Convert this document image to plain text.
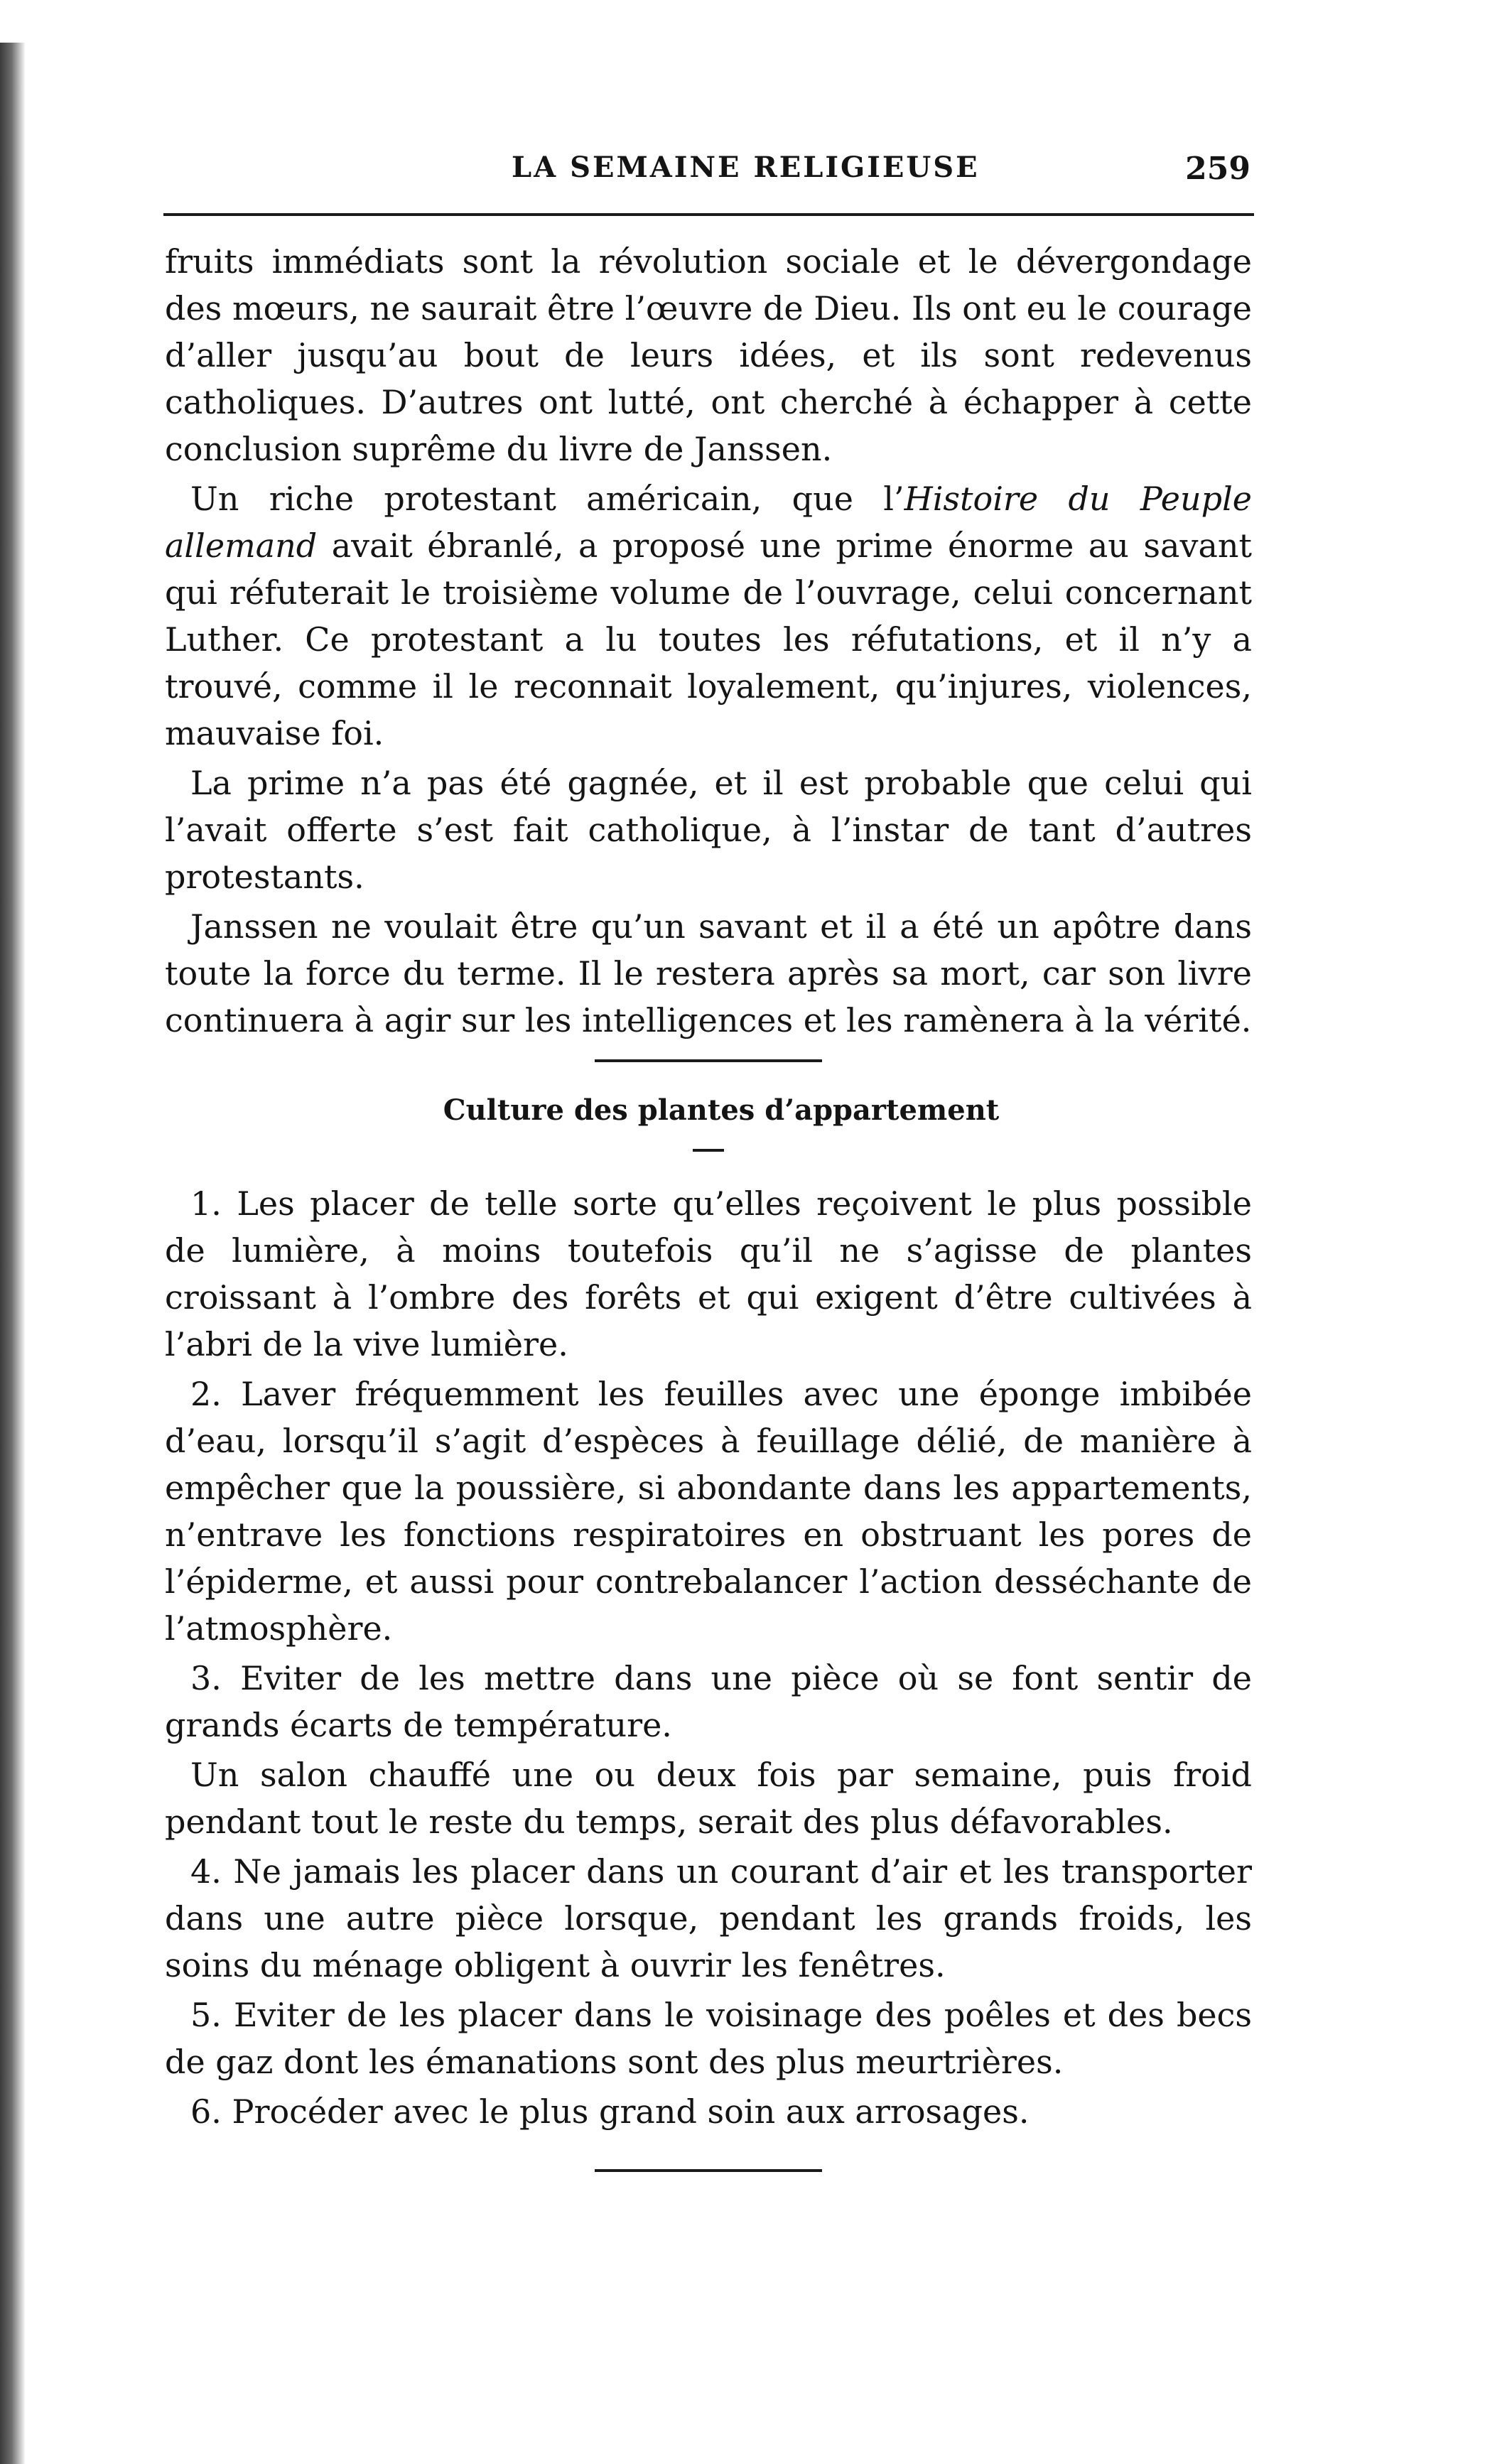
LA SEMAINE RELIGIEUSE	259

fruits immédiats sont la révolution sociale et le dévergondage des mœurs, ne saurait être l’œuvre de Dieu. Ils ont eu le courage d’aller jusqu’au bout de leurs idées, et ils sont redevenus catholiques. D’autres ont lutté, ont cherché à échapper à cette conclusion suprême du livre de Janssen.

Un riche protestant américain, que l’Histoire du Peuple allemand avait ébranlé, a proposé une prime énorme au savant qui réfuterait le troisième volume de l’ouvrage, celui concernant Luther. Ce protestant a lu toutes les réfutations, et il n’y a trouvé, comme il le reconnait loyalement, qu’injures, violences, mauvaise foi.

La prime n’a pas été gagnée, et il est probable que celui qui l’avait offerte s’est fait catholique, à l’instar de tant d’autres protestants.

Janssen ne voulait être qu’un savant et il a été un apôtre dans toute la force du terme. Il le restera après sa mort, car son livre continuera à agir sur les intelligences et les ramènera à la vérité.

Culture des plantes d’appartement

1. Les placer de telle sorte qu’elles reçoivent le plus possible de lumière, à moins toutefois qu’il ne s’agisse de plantes croissant à l’ombre des forêts et qui exigent d’être cultivées à l’abri de la vive lumière.

2. Laver fréquemment les feuilles avec une éponge imbibée d’eau, lorsqu’il s’agit d’espèces à feuillage délié, de manière à empêcher que la poussière, si abondante dans les appartements, n’entrave les fonctions respiratoires en obstruant les pores de l’épiderme, et aussi pour contrebalancer l’action desséchante de l’atmosphère.

3. Eviter de les mettre dans une pièce où se font sentir de grands écarts de température.

Un salon chauffé une ou deux fois par semaine, puis froid pendant tout le reste du temps, serait des plus défavorables.

4. Ne jamais les placer dans un courant d’air et les transporter dans une autre pièce lorsque, pendant les grands froids, les soins du ménage obligent à ouvrir les fenêtres.

5. Eviter de les placer dans le voisinage des poêles et des becs de gaz dont les émanations sont des plus meurtrières.

6. Procéder avec le plus grand soin aux arrosages.
